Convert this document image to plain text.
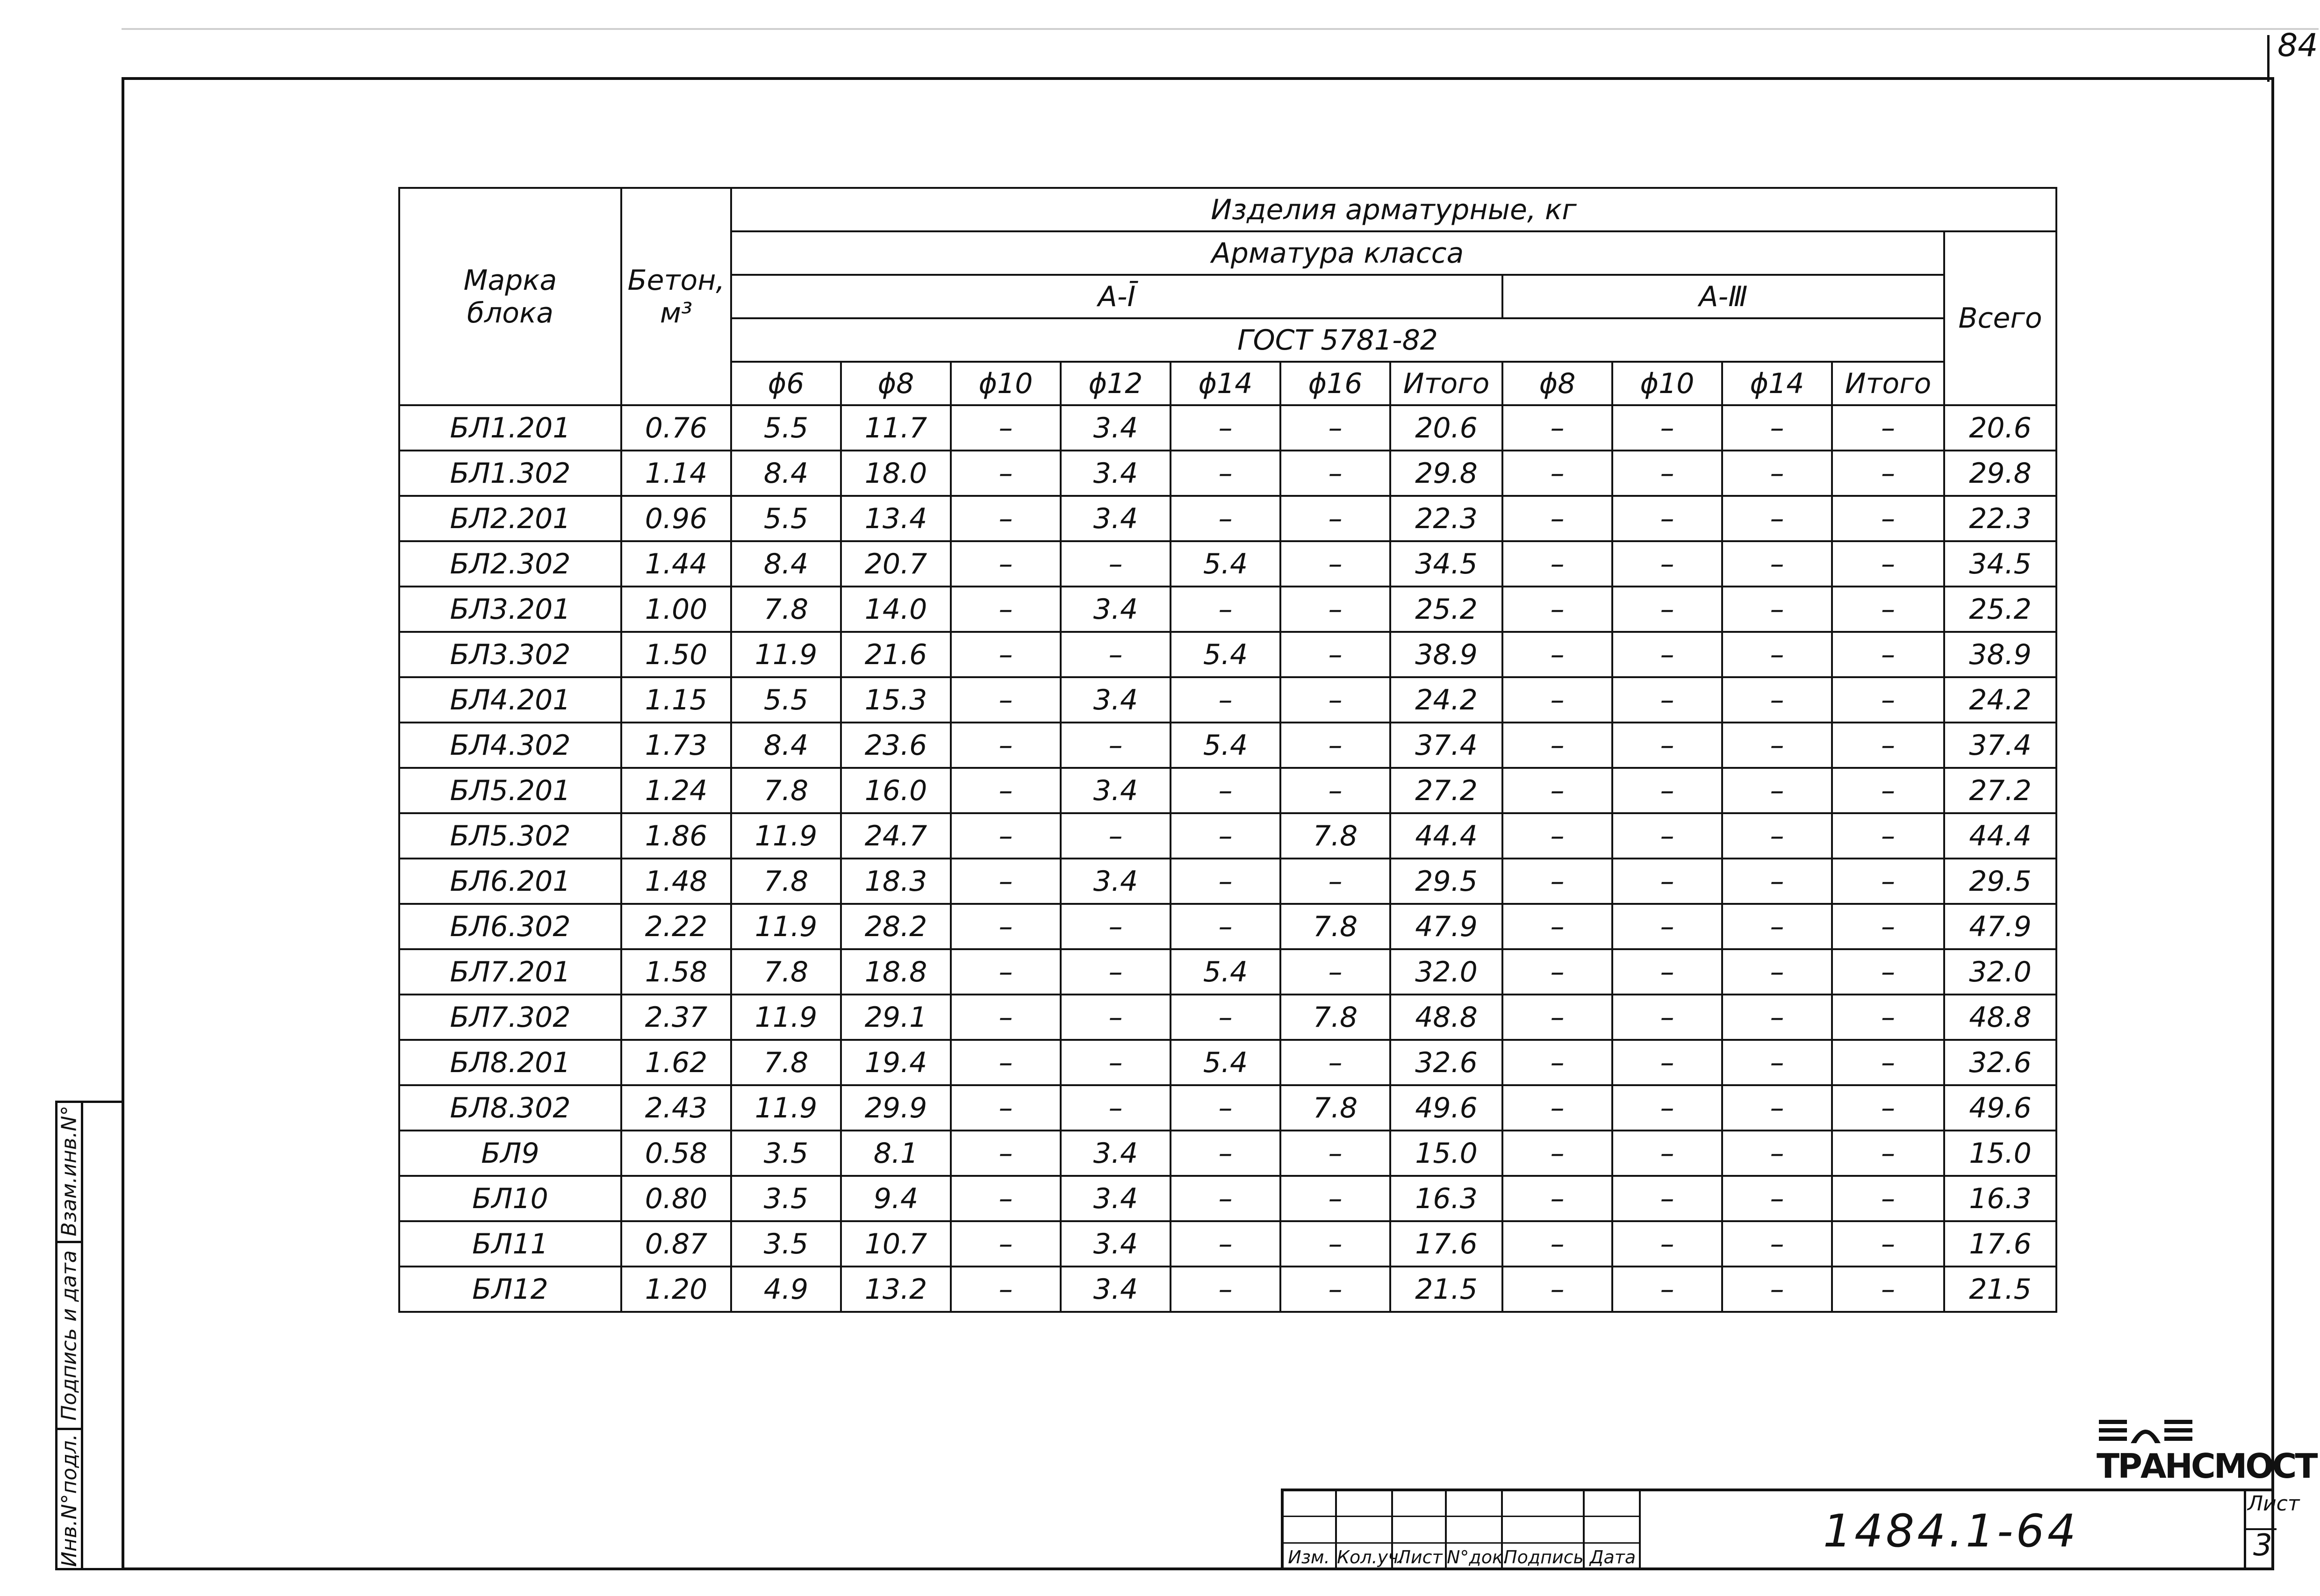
84
Взам.инв.N°
Подпись и дата
Инв.N°подл.
Марка блока	Бетон,
м³	Изделия арматурные, кг											
		Арматура класса											Всего
		А-Ī							А-Ⅲ				
		ГОСТ 5781-82											
		ϕ6	ϕ8	ϕ10	ϕ12	ϕ14	ϕ16	Итого	ϕ8	ϕ10	ϕ14	Итого	
БЛ1.201	0.76	5.5	11.7	–	3.4	–	–	20.6	–	–	–	–	20.6
БЛ1.302	1.14	8.4	18.0	–	3.4	–	–	29.8	–	–	–	–	29.8
БЛ2.201	0.96	5.5	13.4	–	3.4	–	–	22.3	–	–	–	–	22.3
БЛ2.302	1.44	8.4	20.7	–	–	5.4	–	34.5	–	–	–	–	34.5
БЛ3.201	1.00	7.8	14.0	–	3.4	–	–	25.2	–	–	–	–	25.2
БЛ3.302	1.50	11.9	21.6	–	–	5.4	–	38.9	–	–	–	–	38.9
БЛ4.201	1.15	5.5	15.3	–	3.4	–	–	24.2	–	–	–	–	24.2
БЛ4.302	1.73	8.4	23.6	–	–	5.4	–	37.4	–	–	–	–	37.4
БЛ5.201	1.24	7.8	16.0	–	3.4	–	–	27.2	–	–	–	–	27.2
БЛ5.302	1.86	11.9	24.7	–	–	–	7.8	44.4	–	–	–	–	44.4
БЛ6.201	1.48	7.8	18.3	–	3.4	–	–	29.5	–	–	–	–	29.5
БЛ6.302	2.22	11.9	28.2	–	–	–	7.8	47.9	–	–	–	–	47.9
БЛ7.201	1.58	7.8	18.8	–	–	5.4	–	32.0	–	–	–	–	32.0
БЛ7.302	2.37	11.9	29.1	–	–	–	7.8	48.8	–	–	–	–	48.8
БЛ8.201	1.62	7.8	19.4	–	–	5.4	–	32.6	–	–	–	–	32.6
БЛ8.302	2.43	11.9	29.9	–	–	–	7.8	49.6	–	–	–	–	49.6
БЛ9	0.58	3.5	8.1	–	3.4	–	–	15.0	–	–	–	–	15.0
БЛ10	0.80	3.5	9.4	–	3.4	–	–	16.3	–	–	–	–	16.3
БЛ11	0.87	3.5	10.7	–	3.4	–	–	17.6	–	–	–	–	17.6
БЛ12	1.20	4.9	13.2	–	3.4	–	–	21.5	–	–	–	–	21.5
Изм. Кол.уч.
Лист N°док.
Подпись Дата	1484.1-64
Лист
3
ТРАНСМОСТ
